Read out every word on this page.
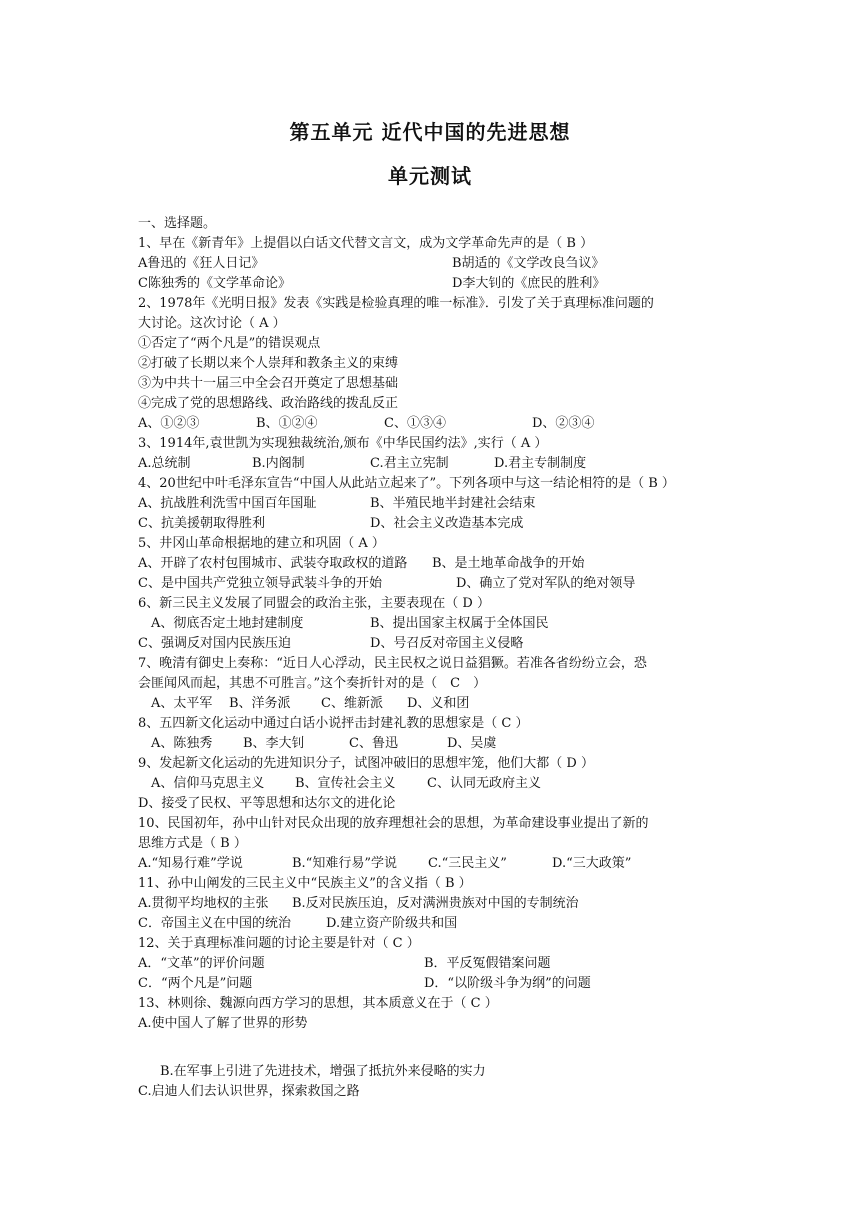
第五单元 近代中国的先进思想
单元测试
一、选择题。
1、早在《新青年》上提倡以白话文代替文言文，成为文学革命先声的是（ B ）
A鲁迅的《狂人日记》	B胡适的《文学改良刍议》
C陈独秀的《文学革命论》	D李大钊的《庶民的胜利》
2、1978年《光明日报》发表《实践是检验真理的唯一标准》．引发了关于真理标准问题的
大讨论。这次讨论（ A ）
①否定了“两个凡是”的错误观点
②打破了长期以来个人崇拜和教条主义的束缚
③为中共十一届三中全会召开奠定了思想基础
④完成了党的思想路线、政治路线的拨乱反正
A、①②③	B、①②④	C、①③④	D、②③④
3、1914年,袁世凯为实现独裁统治,颁布《中华民国约法》,实行（ A ）
A.总统制	B.内阁制	C.君主立宪制	D.君主专制制度
4、20世纪中叶毛泽东宣告“中国人从此站立起来了”。下列各项中与这一结论相符的是（ B ）
A、抗战胜利洗雪中国百年国耻	B、半殖民地半封建社会结束
C、抗美援朝取得胜利	D、社会主义改造基本完成
5、井冈山革命根据地的建立和巩固（ A ）
A、开辟了农村包围城市、武装夺取政权的道路	B、是土地革命战争的开始
C、是中国共产党独立领导武装斗争的开始	D、确立了党对军队的绝对领导
6、新三民主义发展了同盟会的政治主张，主要表现在（ D ）
A、彻底否定土地封建制度	B、提出国家主权属于全体国民
C、强调反对国内民族压迫	D、号召反对帝国主义侵略
7、晚清有御史上奏称：“近日人心浮动，民主民权之说日益猖獗。若准各省纷纷立会，恐
会匪闻风而起，其患不可胜言。”这个奏折针对的是（　C　）
A、太平军	B、洋务派	C、维新派	D、义和团
8、五四新文化运动中通过白话小说抨击封建礼教的思想家是（ C ）
A、陈独秀	B、李大钊	C、鲁迅	D、吴虞
9、发起新文化运动的先进知识分子，试图冲破旧的思想牢笼，他们大都（ D ）
A、信仰马克思主义	B、宣传社会主义	C、认同无政府主义
D、接受了民权、平等思想和达尔文的进化论
10、民国初年，孙中山针对民众出现的放弃理想社会的思想，为革命建设事业提出了新的
思维方式是（ B ）
A.“知易行难”学说	B.“知难行易”学说	C.“三民主义”	D.“三大政策”
11、孙中山阐发的三民主义中“民族主义”的含义指（ B ）
A.贯彻平均地权的主张	B.反对民族压迫，反对满洲贵族对中国的专制统治
C．帝国主义在中国的统治	D.建立资产阶级共和国
12、关于真理标准问题的讨论主要是针对（ C ）
A．“文革”的评价问题	B．平反冤假错案问题
C．“两个凡是”问题	D．“以阶级斗争为纲”的问题
13、林则徐、魏源向西方学习的思想，其本质意义在于（ C ）
A.使中国人了解了世界的形势
B.在军事上引进了先进技术，增强了抵抗外来侵略的实力
C.启迪人们去认识世界，探索救国之路
